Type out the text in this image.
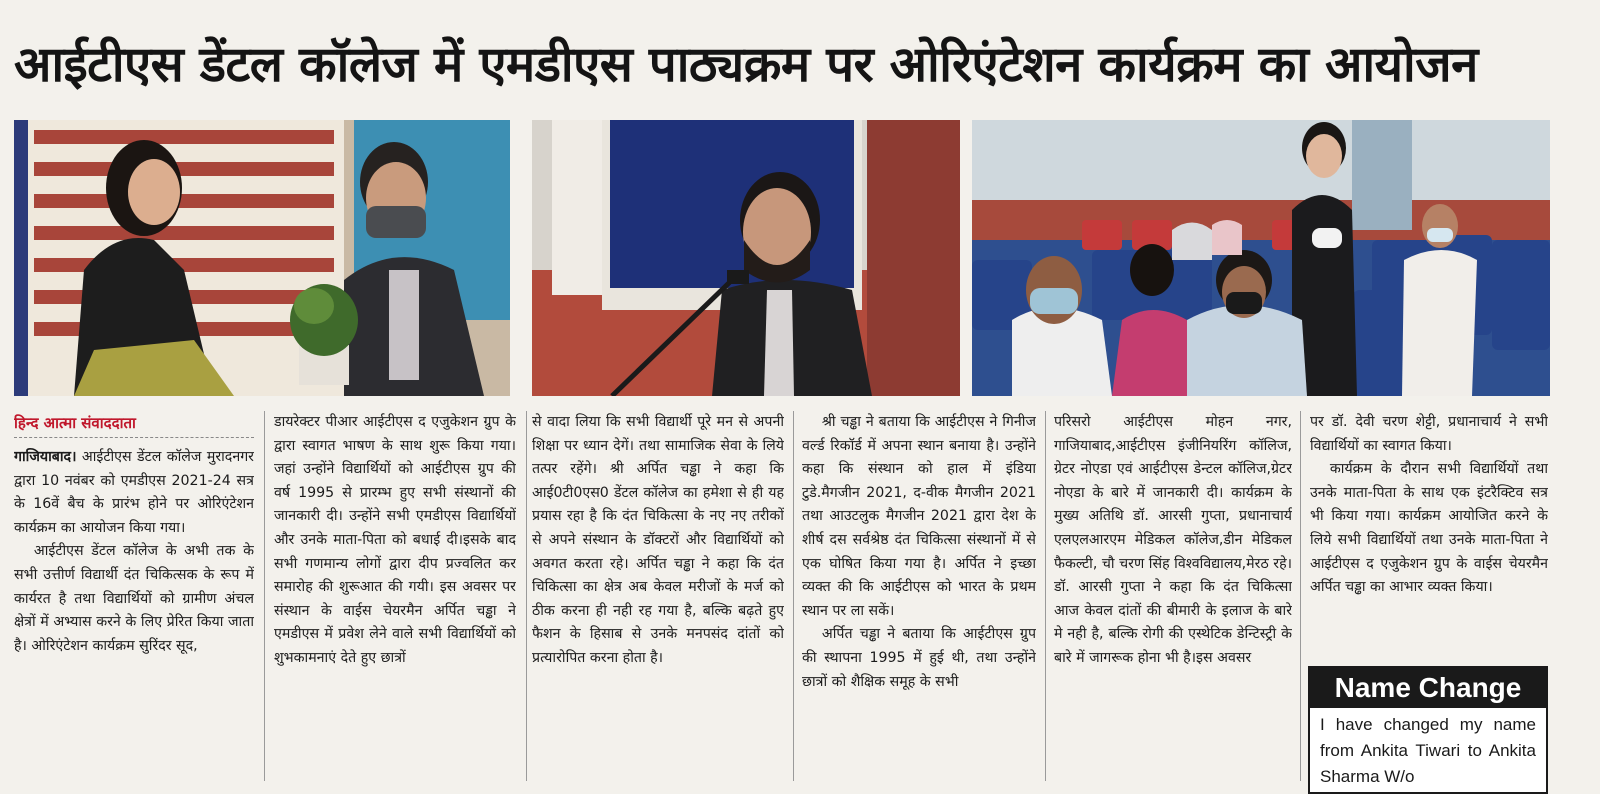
आईटीएस डेंटल कॉलेज में एमडीएस पाठ्यक्रम पर ओरिएंटेशन कार्यक्रम का आयोजन
हिन्द आत्मा संवाददाता

गाजियाबाद। आईटीएस डेंटल कॉलेज मुरादनगर द्वारा 10 नवंबर को एमडीएस 2021-24 सत्र के 16वें बैच के प्रारंभ होने पर ओरिएंटेशन कार्यक्रम का आयोजन किया गया।

आईटीएस डेंटल कॉलेज के अभी तक के सभी उत्तीर्ण विद्यार्थी दंत चिकित्सक के रूप में कार्यरत है तथा विद्यार्थियों को ग्रामीण अंचल क्षेत्रों में अभ्यास करने के लिए प्रेरित किया जाता है। ओरिएंटेशन कार्यक्रम सुरिंदर सूद,

डायरेक्टर पीआर आईटीएस द एजुकेशन ग्रुप के द्वारा स्वागत भाषण के साथ शुरू किया गया। जहां उन्होंने विद्यार्थियों को आईटीएस ग्रुप की वर्ष 1995 से प्रारम्भ हुए सभी संस्थानों की जानकारी दी। उन्होंने सभी एमडीएस विद्यार्थियों और उनके माता-पिता को बधाई दी।इसके बाद सभी गणमान्य लोगों द्वारा दीप प्रज्वलित कर समारोह की शुरूआत की गयी। इस अवसर पर संस्थान के वाईस चेयरमैन अर्पित चड्ढा ने एमडीएस में प्रवेश लेने वाले सभी विद्यार्थियों को शुभकामनाएं देते हुए छात्रों

से वादा लिया कि सभी विद्यार्थी पूरे मन से अपनी शिक्षा पर ध्यान देगें। तथा सामाजिक सेवा के लिये तत्पर रहेंगे। श्री अर्पित चड्ढा ने कहा कि आई0टी0एस0 डेंटल कॉलेज का हमेशा से ही यह प्रयास रहा है कि दंत चिकित्सा के नए नए तरीकों से अपने संस्थान के डॉक्टरों और विद्यार्थियों को अवगत करता रहे। अर्पित चड्ढा ने कहा कि दंत चिकित्सा का क्षेत्र अब केवल मरीजों के मर्ज को ठीक करना ही नही रह गया है, बल्कि बढ़ते हुए फैशन के हिसाब से उनके मनपसंद दांतों को प्रत्यारोपित करना होता है।

श्री चड्ढा ने बताया कि आईटीएस ने गिनीज वर्ल्ड रिकॉर्ड में अपना स्थान बनाया है। उन्होंने कहा कि संस्थान को हाल में इंडिया टुडे.मैगजीन 2021, द-वीक मैगजीन 2021 तथा आउटलुक मैगजीन 2021 द्वारा देश के शीर्ष दस सर्वश्रेष्ठ दंत चिकित्सा संस्थानों में से एक घोषित किया गया है। अर्पित ने इच्छा व्यक्त की कि आईटीएस को भारत के प्रथम स्थान पर ला सकें।

अर्पित चड्ढा ने बताया कि आईटीएस ग्रुप की स्थापना 1995 में हुई थी, तथा उन्होंने छात्रों को शैक्षिक समूह के सभी

परिसरो आईटीएस मोहन नगर, गाजियाबाद,आईटीएस इंजीनियरिंग कॉलिज, ग्रेटर नोएडा एवं आईटीएस डेन्टल कॉलिज,ग्रेटर नोएडा के बारे में जानकारी दी। कार्यक्रम के मुख्य अतिथि डॉ. आरसी गुप्ता, प्रधानाचार्य एलएलआरएम मेडिकल कॉलेज,डीन मेडिकल फैकल्टी, चौ चरण सिंह विश्वविद्यालय,मेरठ रहे।डॉ. आरसी गुप्ता ने कहा कि दंत चिकित्सा आज केवल दांतों की बीमारी के इलाज के बारे मे नही है, बल्कि रोगी की एस्थेटिक डेन्टिस्ट्री के बारे में जागरूक होना भी है।इस अवसर

पर डॉ. देवी चरण शेट्टी, प्रधानाचार्य ने सभी विद्यार्थियों का स्वागत किया।

कार्यक्रम के दौरान सभी विद्यार्थियों तथा उनके माता-पिता के साथ एक इंटरैक्टिव सत्र भी किया गया। कार्यक्रम आयोजित करने के लिये सभी विद्यार्थियों तथा उनके माता-पिता ने आईटीएस द एजुकेशन ग्रुप के वाईस चेयरमैन अर्पित चड्ढा का आभार व्यक्त किया।

Name Change
I have changed my name from Ankita Tiwari to Ankita Sharma W/o
